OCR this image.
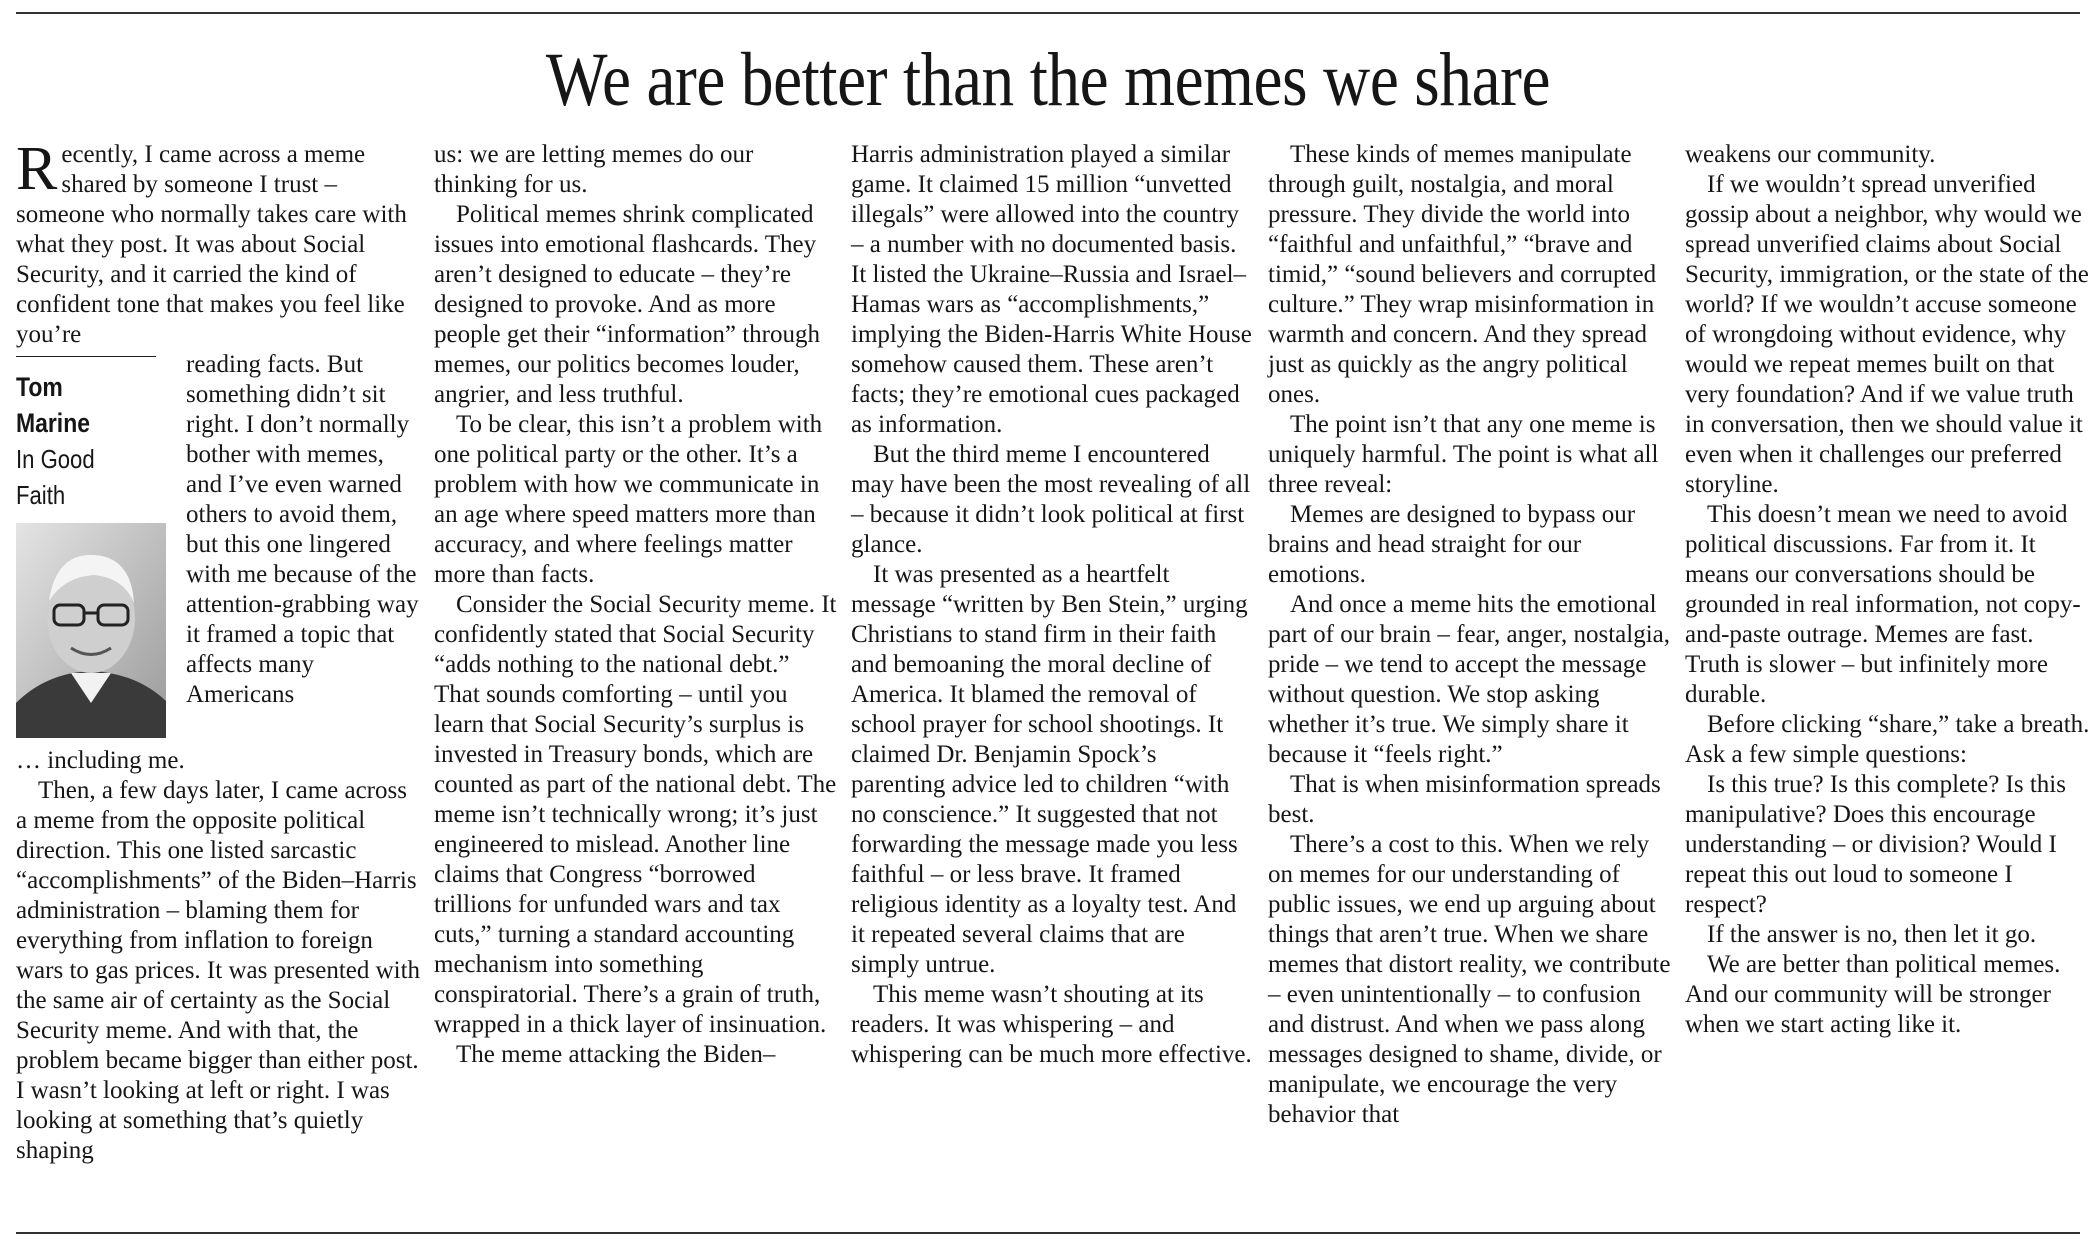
We are better than the memes we share

Recently, I came across a meme shared by someone I trust – someone who normally takes care with what they post. It was about Social Security, and it carried the kind of confident tone that makes you feel like you’re

Tom
Marine
In Good
Faith

reading facts. But something didn’t sit right. I don’t normally bother with memes, and I’ve even warned others to avoid them, but this one lingered with me because of the attention-grabbing way it framed a topic that affects many Americans

… including me.

Then, a few days later, I came across a meme from the opposite political direction. This one listed sarcastic “accomplishments” of the Biden–Harris administration – blaming them for everything from inflation to foreign wars to gas prices. It was presented with the same air of certainty as the Social Security meme. And with that, the problem became bigger than either post. I wasn’t looking at left or right. I was looking at something that’s quietly shaping

us: we are letting memes do our thinking for us.

Political memes shrink complicated issues into emotional flashcards. They aren’t designed to educate – they’re designed to provoke. And as more people get their “information” through memes, our politics becomes louder, angrier, and less truthful.

To be clear, this isn’t a problem with one political party or the other. It’s a problem with how we communicate in an age where speed matters more than accuracy, and where feelings matter more than facts.

Consider the Social Security meme. It confidently stated that Social Security “adds nothing to the national debt.” That sounds comforting – until you learn that Social Security’s surplus is invested in Treasury bonds, which are counted as part of the national debt. The meme isn’t technically wrong; it’s just engineered to mislead. Another line claims that Congress “borrowed trillions for unfunded wars and tax cuts,” turning a standard accounting mechanism into something conspiratorial. There’s a grain of truth, wrapped in a thick layer of insinuation.

The meme attacking the Biden–

Harris administration played a similar game. It claimed 15 million “unvetted illegals” were allowed into the country – a number with no documented basis. It listed the Ukraine–Russia and Israel–Hamas wars as “accomplishments,” implying the Biden-Harris White House somehow caused them. These aren’t facts; they’re emotional cues packaged as information.

But the third meme I encountered may have been the most revealing of all – because it didn’t look political at first glance.

It was presented as a heartfelt message “written by Ben Stein,” urging Christians to stand firm in their faith and bemoaning the moral decline of America. It blamed the removal of school prayer for school shootings. It claimed Dr. Benjamin Spock’s parenting advice led to children “with no conscience.” It suggested that not forwarding the message made you less faithful – or less brave. It framed religious identity as a loyalty test. And it repeated several claims that are simply untrue.

This meme wasn’t shouting at its readers. It was whispering – and whispering can be much more effective.

These kinds of memes manipulate through guilt, nostalgia, and moral pressure. They divide the world into “faithful and unfaithful,” “brave and timid,” “sound believers and corrupted culture.” They wrap misinformation in warmth and concern. And they spread just as quickly as the angry political ones.

The point isn’t that any one meme is uniquely harmful. The point is what all three reveal:

Memes are designed to bypass our brains and head straight for our emotions.

And once a meme hits the emotional part of our brain – fear, anger, nostalgia, pride – we tend to accept the message without question. We stop asking whether it’s true. We simply share it because it “feels right.”

That is when misinformation spreads best.

There’s a cost to this. When we rely on memes for our understanding of public issues, we end up arguing about things that aren’t true. When we share memes that distort reality, we contribute – even unintentionally – to confusion and distrust. And when we pass along messages designed to shame, divide, or manipulate, we encourage the very behavior that

weakens our community.

If we wouldn’t spread unverified gossip about a neighbor, why would we spread unverified claims about Social Security, immigration, or the state of the world? If we wouldn’t accuse someone of wrongdoing without evidence, why would we repeat memes built on that very foundation? And if we value truth in conversation, then we should value it even when it challenges our preferred storyline.

This doesn’t mean we need to avoid political discussions. Far from it. It means our conversations should be grounded in real information, not copy-and-paste outrage. Memes are fast. Truth is slower – but infinitely more durable.

Before clicking “share,” take a breath. Ask a few simple questions:

Is this true? Is this complete? Is this manipulative? Does this encourage understanding – or division? Would I repeat this out loud to someone I respect?

If the answer is no, then let it go.

We are better than political memes. And our community will be stronger when we start acting like it.
